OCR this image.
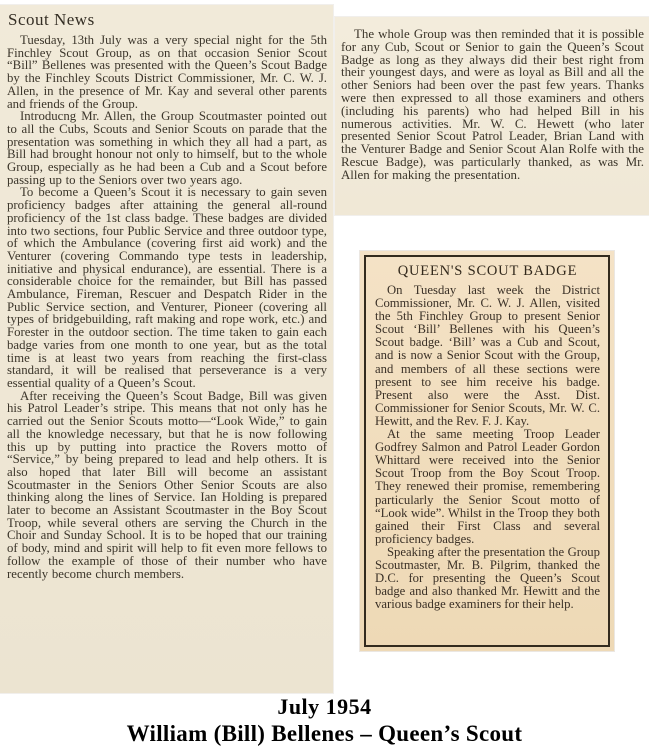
Scout News

Tuesday, 13th July was a very special night for the 5th Finchley Scout Group, as on that occasion Senior Scout “Bill” Bellenes was presented with the Queen’s Scout Badge by the Finchley Scouts District Commissioner, Mr. C. W. J. Allen, in the presence of Mr. Kay and several other parents and friends of the Group.

Introducng Mr. Allen, the Group Scoutmaster pointed out to all the Cubs, Scouts and Senior Scouts on parade that the presentation was something in which they all had a part, as Bill had brought honour not only to himself, but to the whole Group, especially as he had been a Cub and a Scout before passing up to the Seniors over two years ago.

To become a Queen’s Scout it is necessary to gain seven proficiency badges after attaining the general all-round proficiency of the 1st class badge. These badges are divided into two sections, four Public Service and three outdoor type, of which the Ambulance (covering first aid work) and the Venturer (covering Commando type tests in leadership, initiative and physical endurance), are essential. There is a considerable choice for the remainder, but Bill has passed Ambulance, Fireman, Rescuer and Despatch Rider in the Public Service section, and Venturer, Pioneer (covering all types of bridgebuilding, raft making and rope work, etc.) and Forester in the outdoor section. The time taken to gain each badge varies from one month to one year, but as the total time is at least two years from reaching the first-class standard, it will be realised that perseverance is a very essential quality of a Queen’s Scout.

After receiving the Queen’s Scout Badge, Bill was given his Patrol Leader’s stripe. This means that not only has he carried out the Senior Scouts motto—“Look Wide,” to gain all the knowledge necessary, but that he is now following this up by putting into practice the Rovers motto of “Service,” by being prepared to lead and help others. It is also hoped that later Bill will become an assistant Scoutmaster in the Seniors Other Senior Scouts are also thinking along the lines of Service. Ian Holding is prepared later to become an Assistant Scoutmaster in the Boy Scout Troop, while several others are serving the Church in the Choir and Sunday School. It is to be hoped that our training of body, mind and spirit will help to fit even more fellows to follow the example of those of their number who have recently become church members.

The whole Group was then reminded that it is possible for any Cub, Scout or Senior to gain the Queen’s Scout Badge as long as they always did their best right from their youngest days, and were as loyal as Bill and all the other Seniors had been over the past few years. Thanks were then expressed to all those examiners and others (including his parents) who had helped Bill in his numerous activities. Mr. W. C. Hewett (who later presented Senior Scout Patrol Leader, Brian Land with the Venturer Badge and Senior Scout Alan Rolfe with the Rescue Badge), was particularly thanked, as was Mr. Allen for making the presentation.

QUEEN'S SCOUT BADGE

On Tuesday last week the District Commissioner, Mr. C. W. J. Allen, visited the 5th Finchley Group to present Senior Scout ‘Bill’ Bellenes with his Queen’s Scout badge. ‘Bill’ was a Cub and Scout, and is now a Senior Scout with the Group, and members of all these sections were present to see him receive his badge. Present also were the Asst. Dist. Commissioner for Senior Scouts, Mr. W. C. Hewitt, and the Rev. F. J. Kay.

At the same meeting Troop Leader Godfrey Salmon and Patrol Leader Gordon Whittard were received into the Senior Scout Troop from the Boy Scout Troop. They renewed their promise, remembering particularly the Senior Scout motto of “Look wide”. Whilst in the Troop they both gained their First Class and several proficiency badges.

Speaking after the presentation the Group Scoutmaster, Mr. B. Pilgrim, thanked the D.C. for presenting the Queen’s Scout badge and also thanked Mr. Hewitt and the various badge examiners for their help.

July 1954
William (Bill) Bellenes – Queen’s Scout
